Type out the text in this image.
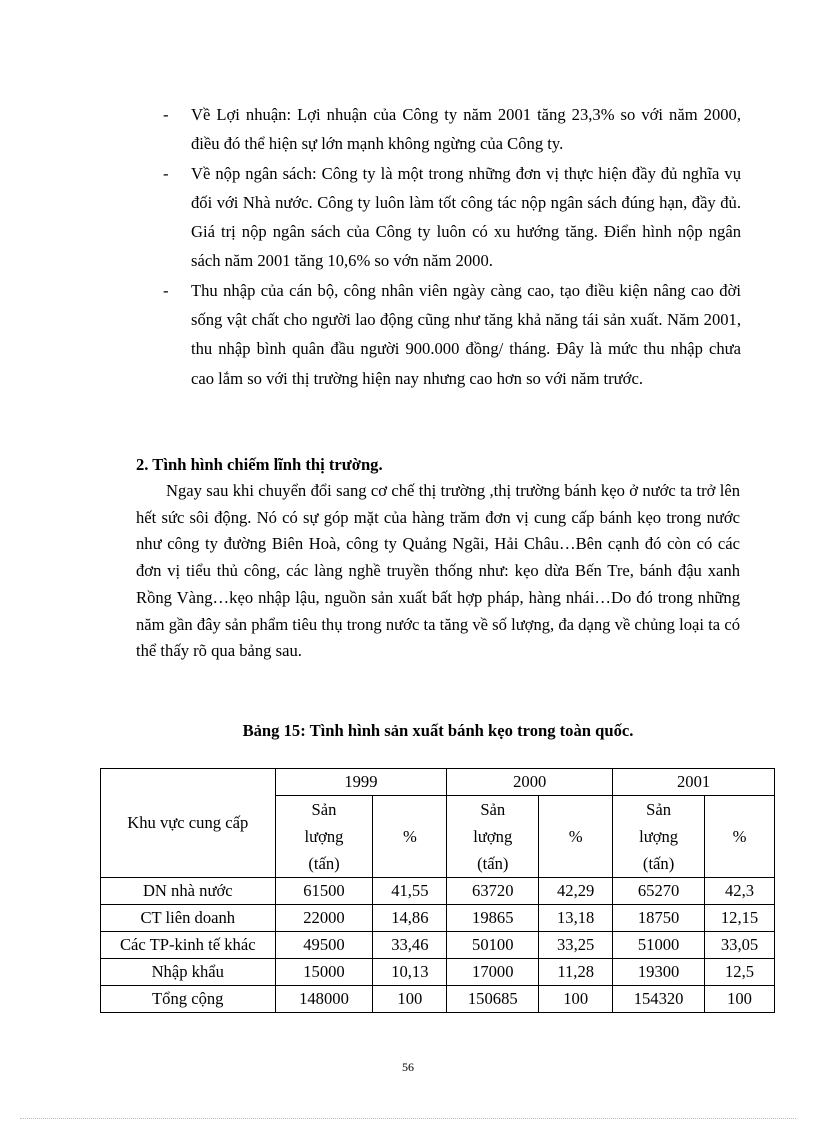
- Về Lợi nhuận: Lợi nhuận của Công ty năm 2001 tăng 23,3% so với năm 2000, điều đó thể hiện sự lớn mạnh không ngừng của Công ty.
- Về nộp ngân sách: Công ty là một trong những đơn vị thực hiện đầy đủ nghĩa vụ đối với Nhà nước. Công ty luôn làm tốt công tác nộp ngân sách đúng hạn, đầy đủ. Giá trị nộp ngân sách của Công ty luôn có xu hướng tăng. Điển hình nộp ngân sách năm 2001 tăng 10,6% so vớn năm 2000.
- Thu nhập của cán bộ, công nhân viên ngày càng cao, tạo điều kiện nâng cao đời sống vật chất cho người lao động cũng như tăng khả năng tái sản xuất. Năm 2001, thu nhập bình quân đầu người 900.000 đồng/ tháng. Đây là mức thu nhập chưa cao lắm so với thị trường hiện nay nhưng cao hơn so với năm trước.
2. Tình hình chiếm lĩnh thị trường.

Ngay sau khi chuyển đổi sang cơ chế thị trường ,thị trường bánh kẹo ở nước ta trở lên hết sức sôi động. Nó có sự góp mặt của hàng trăm đơn vị cung cấp bánh kẹo trong nước như công ty đường Biên Hoà, công ty Quảng Ngãi, Hải Châu…Bên cạnh đó còn có các đơn vị tiểu thủ công, các làng nghề truyền thống như: kẹo dừa Bến Tre, bánh đậu xanh Rồng Vàng…kẹo nhập lậu, nguồn sản xuất bất hợp pháp, hàng nhái…Do đó trong những năm gần đây sản phẩm tiêu thụ trong nước ta tăng về số lượng, đa dạng về chủng loại ta có thể thấy rõ qua bảng sau.

Bảng 15: Tình hình sản xuất bánh kẹo trong toàn quốc.

Khu vực cung cấp	1999		2000		2001	
	Sản lượng (tấn)	%	Sản lượng (tấn)	%	Sản lượng (tấn)	%
DN nhà nước	61500	41,55	63720	42,29	65270	42,3
CT liên doanh	22000	14,86	19865	13,18	18750	12,15
Các TP-kinh tế khác	49500	33,46	50100	33,25	51000	33,05
Nhập khẩu	15000	10,13	17000	11,28	19300	12,5
Tổng cộng	148000	100	150685	100	154320	100
56
